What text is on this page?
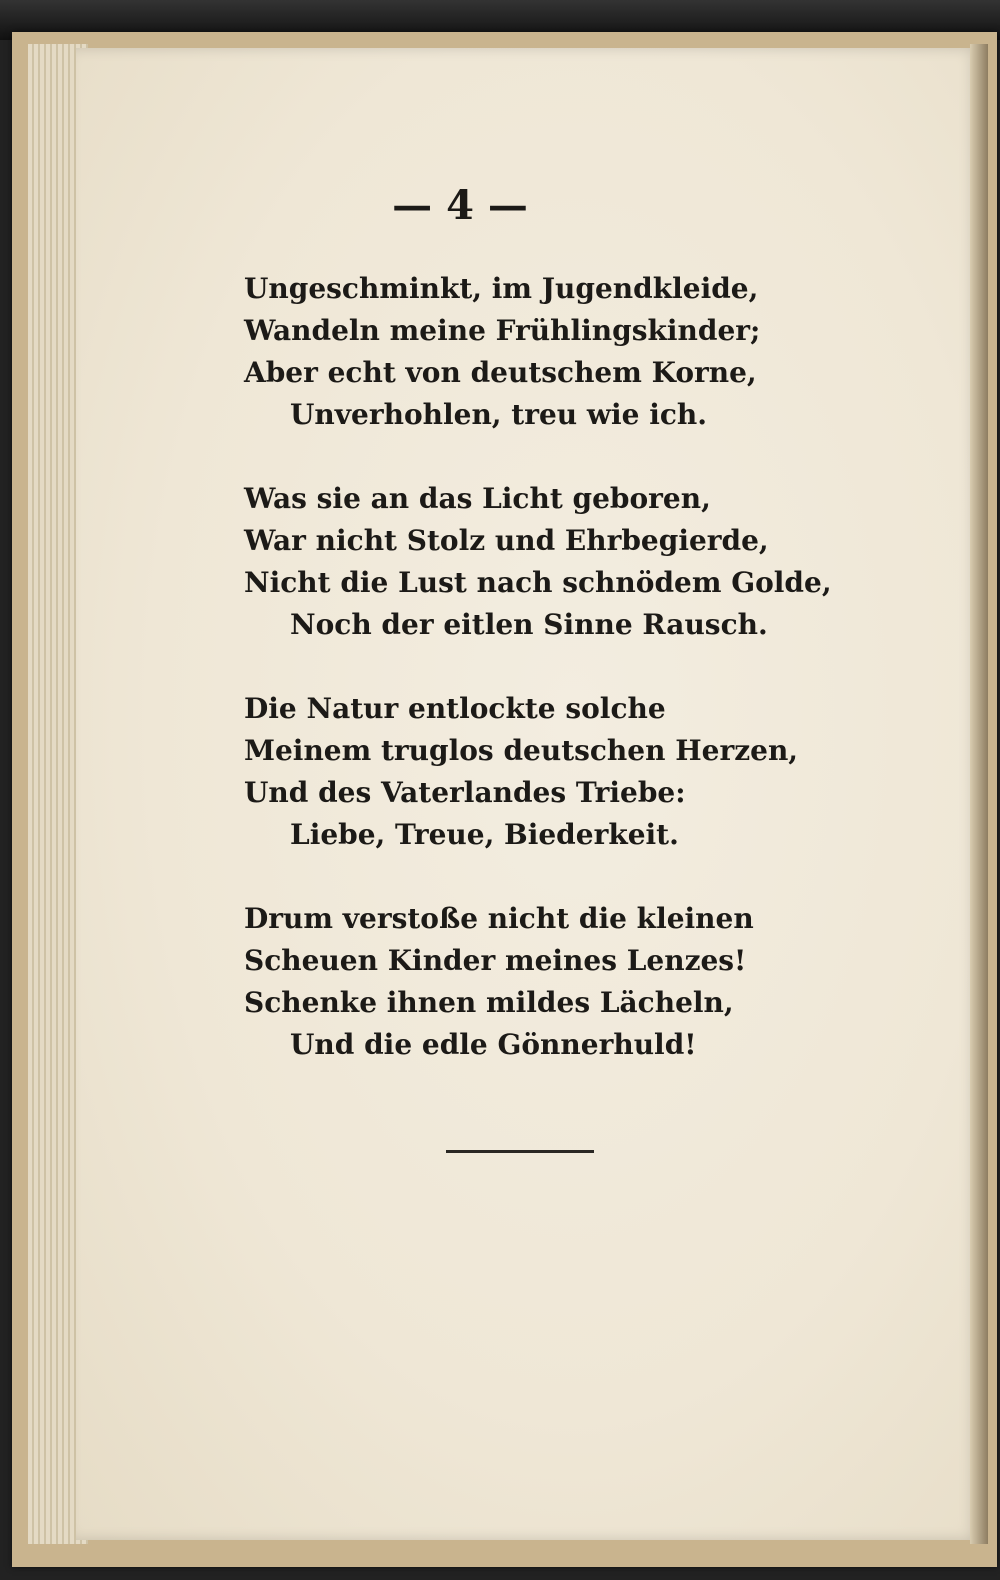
— 4 —
Ungeschminkt, im Jugendkleide,
Wandeln meine Frühlingskinder;
Aber echt von deutschem Korne,
Unverhohlen, treu wie ich.
Was sie an das Licht geboren,
War nicht Stolz und Ehrbegierde,
Nicht die Lust nach schnödem Golde,
Noch der eitlen Sinne Rausch.
Die Natur entlockte solche
Meinem truglos deutschen Herzen,
Und des Vaterlandes Triebe:
Liebe, Treue, Biederkeit.
Drum verstoße nicht die kleinen
Scheuen Kinder meines Lenzes!
Schenke ihnen mildes Lächeln,
Und die edle Gönnerhuld!
